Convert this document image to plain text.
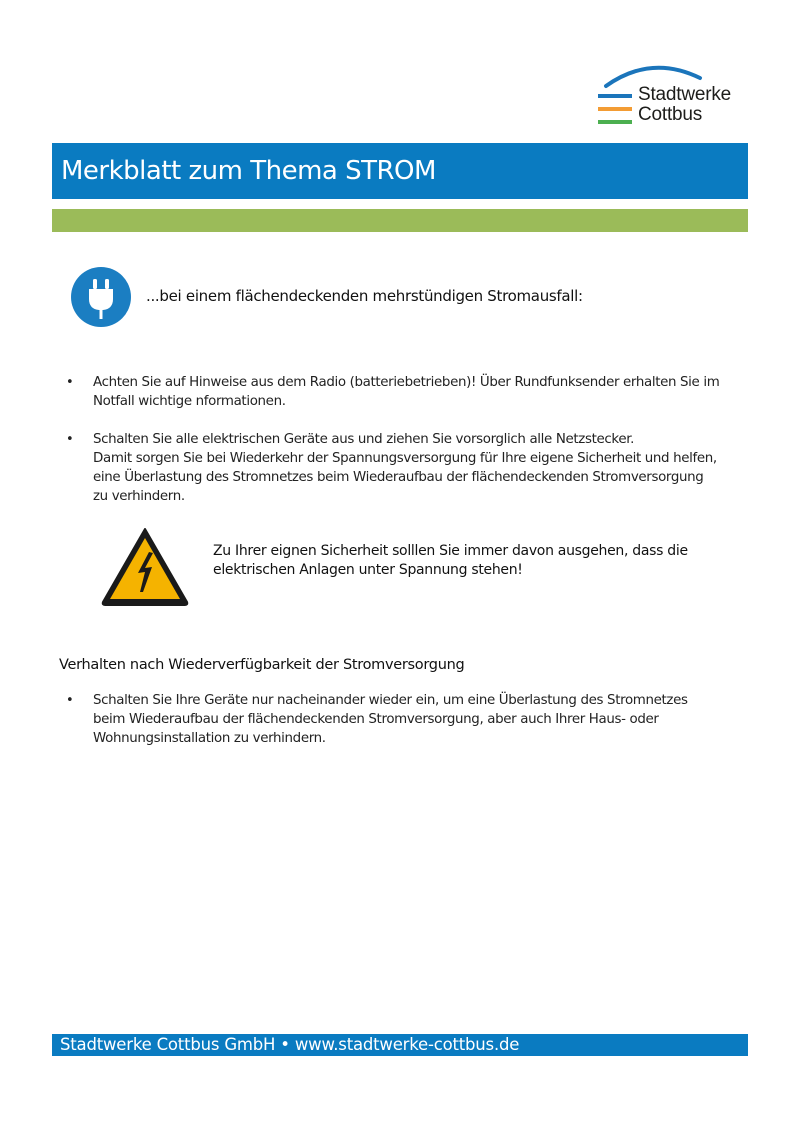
Stadtwerke
Cottbus
Merkblatt zum Thema STROM
...bei einem flächendeckenden mehrstündigen Stromausfall:
• Achten Sie auf Hinweise aus dem Radio (batteriebetrieben)! Über Rundfunksender erhalten Sie im
Notfall wichtige nformationen.
• Schalten Sie alle elektrischen Geräte aus und ziehen Sie vorsorglich alle Netzstecker.
Damit sorgen Sie bei Wiederkehr der Spannungsversorgung für Ihre eigene Sicherheit und helfen,
eine Überlastung des Stromnetzes beim Wiederaufbau der flächendeckenden Stromversorgung
zu verhindern.
Zu Ihrer eignen Sicherheit solllen Sie immer davon ausgehen, dass die
elektrischen Anlagen unter Spannung stehen!
Verhalten nach Wiederverfügbarkeit der Stromversorgung
• Schalten Sie Ihre Geräte nur nacheinander wieder ein, um eine Überlastung des Stromnetzes
beim Wiederaufbau der flächendeckenden Stromversorgung, aber auch Ihrer Haus- oder
Wohnungsinstallation zu verhindern.
Stadtwerke Cottbus GmbH • www.stadtwerke-cottbus.de
